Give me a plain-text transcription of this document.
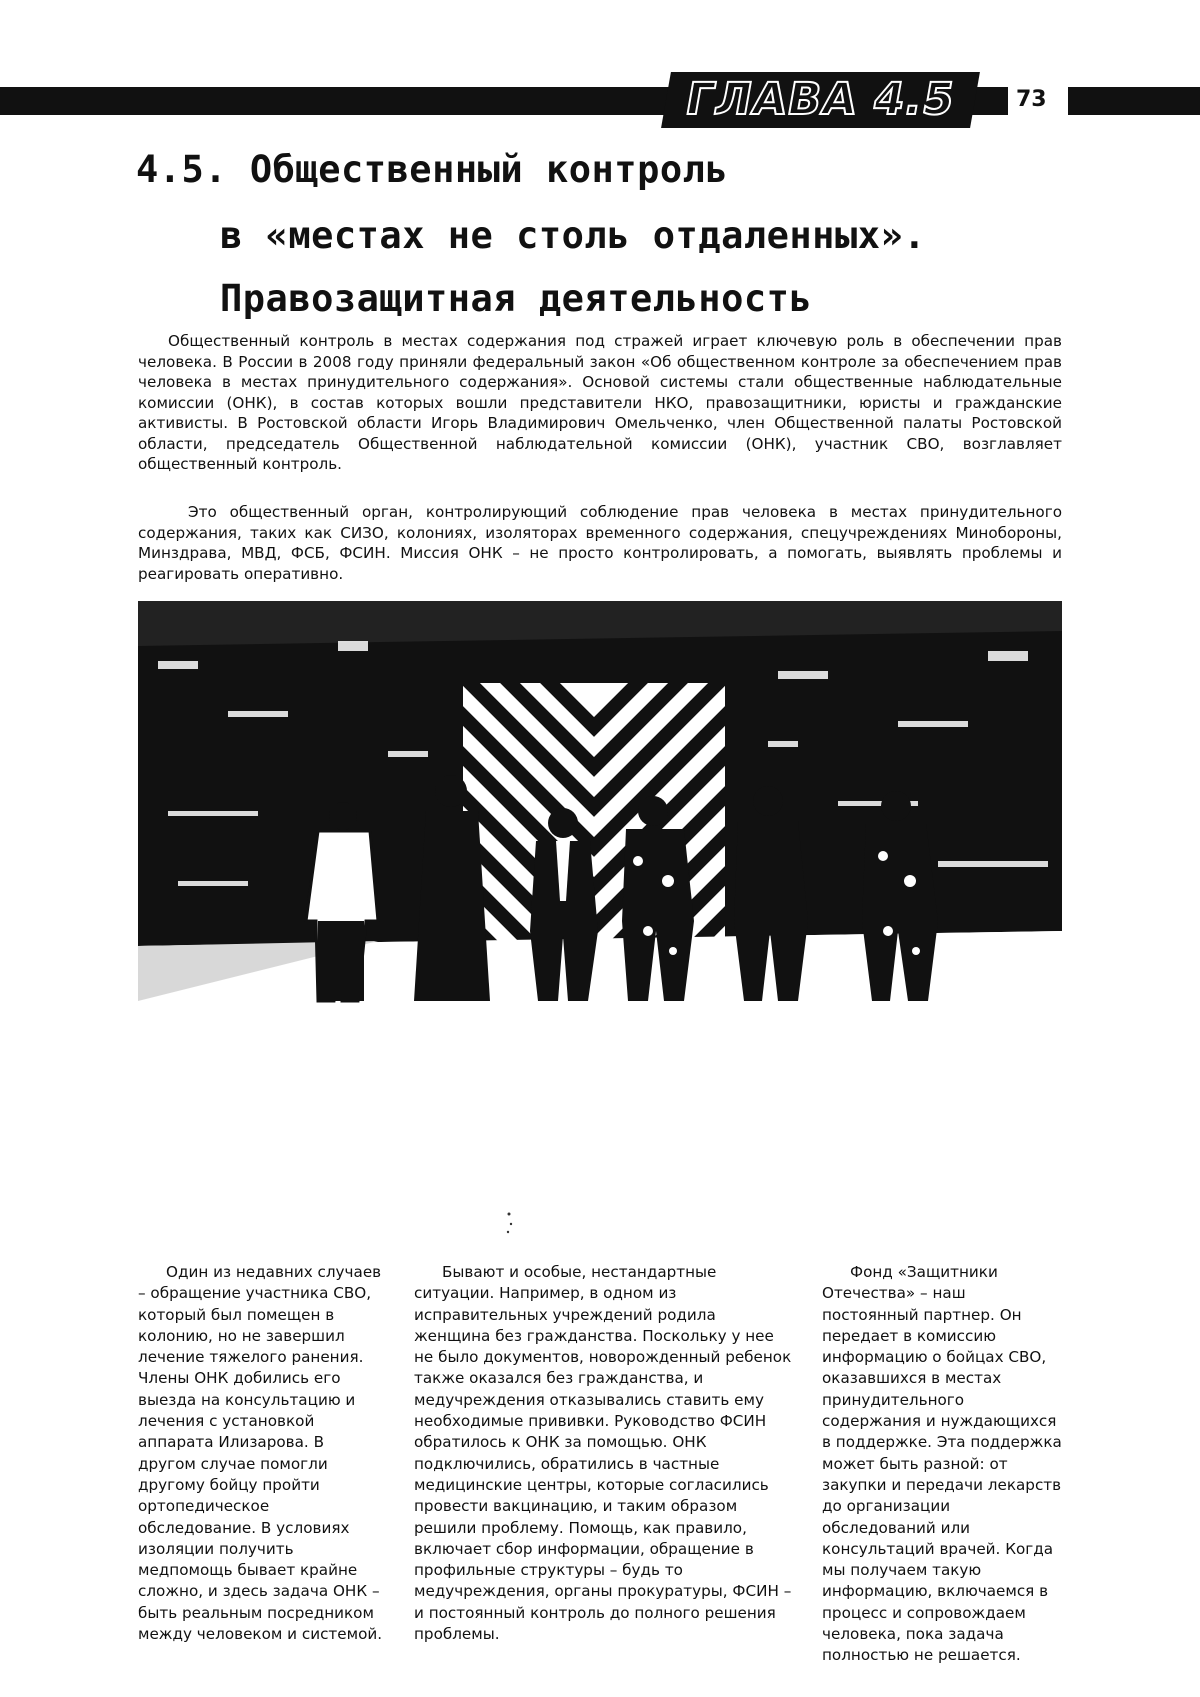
ГЛАВА 4.5	73
4.5. Общественный контроль
в «местах не столь отдаленных».
Правозащитная деятельность

Общественный контроль в местах содержания под стражей играет ключевую роль в обеспечении прав человека. В России в 2008 году приняли федеральный закон «Об общественном контроле за обеспечением прав человека в местах принудительного содержания». Основой системы стали общественные наблюдательные комиссии (ОНК), в состав которых вошли представители НКО, правозащитники, юристы и гражданские активисты. В Ростовской области Игорь Владимирович Омельченко, член Общественной палаты Ростовской области, председатель Общественной наблюдательной комиссии (ОНК), участник СВО, возглавляет общественный контроль.

Это общественный орган, контролирующий соблюдение прав человека в местах принудительного содержания, таких как СИЗО, колониях, изоляторах временного содержания, спецучреждениях Минобороны, Минздрава, МВД, ФСБ, ФСИН. Миссия ОНК – не просто контролировать, а помогать, выявлять проблемы и реагировать оперативно.

Один из недавних случаев – обращение участника СВО, который был помещен в колонию, но не завершил лечение тяжелого ранения. Члены ОНК добились его выезда на консультацию и лечения с установкой аппарата Илизарова. В другом случае помогли другому бойцу пройти ортопедическое обследование. В условиях изоляции получить медпомощь бывает крайне сложно, и здесь задача ОНК – быть реальным посредником между человеком и системой.

Бывают и особые, нестандартные ситуации. Например, в одном из исправительных учреждений родила женщина без гражданства. Поскольку у нее не было документов, новорожденный ребенок также оказался без гражданства, и медучреждения отказывались ставить ему необходимые прививки. Руководство ФСИН обратилось к ОНК за помощью. ОНК подключились, обратились в частные медицинские центры, которые согласились провести вакцинацию, и таким образом решили проблему. Помощь, как правило, включает сбор информации, обращение в профильные структуры – будь то медучреждения, органы прокуратуры, ФСИН – и постоянный контроль до полного решения проблемы.

Фонд «Защитники Отечества» – наш постоянный партнер. Он передает в комиссию информацию о бойцах СВО, оказавшихся в местах принудительного содержания и нуждающихся в поддержке. Эта поддержка может быть разной: от закупки и передачи лекарств до организации обследований или консультаций врачей. Когда мы получаем такую информацию, включаемся в процесс и сопровождаем человека, пока задача полностью не решается.
